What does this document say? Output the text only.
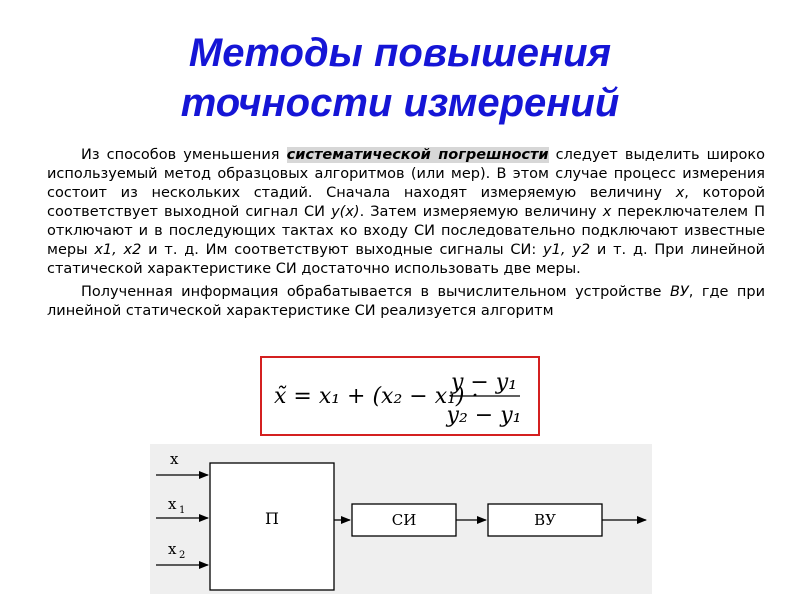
Методы повышения
точности измерений

Из способов уменьшения систематической погрешности следует выделить широко используемый метод образцовых алгоритмов (или мер). В этом случае процесс измерения состоит из нескольких стадий. Сначала находят измеряемую величину x, которой соответствует выходной сигнал СИ y(x). Затем измеряемую величину x переключателем П отключают и в последующих тактах ко входу СИ последовательно подключают известные меры x1, x2 и т. д. Им соответствуют выходные сигналы СИ: y1, y2 и т. д. При линейной статической характеристике СИ достаточно использовать две меры.

Полученная информация обрабатывается в вычислительном устройстве ВУ, где при линейной статической характеристике СИ реализуется алгоритм

x̃ = x₁ + (x₂ − x₁) ·
y − y₁
y₂ − y₁
x
x 1
x 2
П	СИ	ВУ
